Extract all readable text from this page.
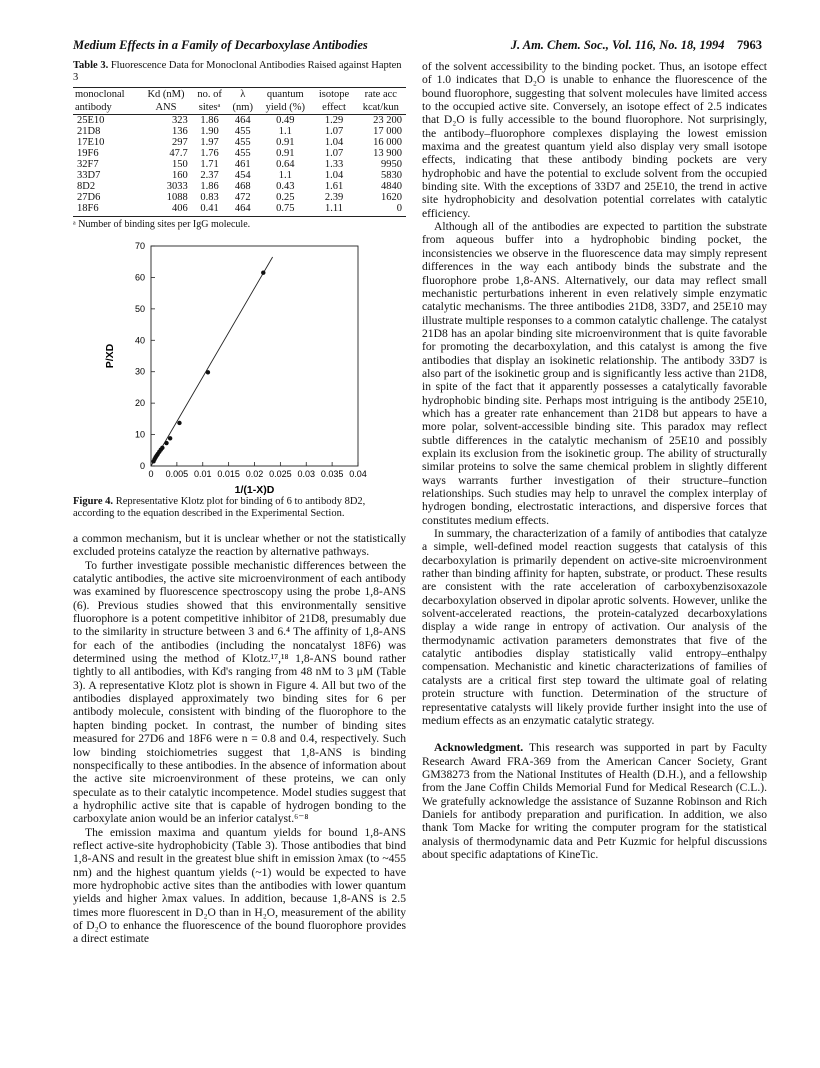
Medium Effects in a Family of Decarboxylase Antibodies	J. Am. Chem. Soc., Vol. 116, No. 18, 1994 7963
Table 3. Fluorescence Data for Monoclonal Antibodies Raised against Hapten 3
monoclonal	Kd (nM)	no. of	λ	quantum	isotope	rate acc
antibody	ANS	sitesᵃ	(nm)	yield (%)	effect	kcat/kun
25E10	323	1.86	464	0.49	1.29	23 200
21D8	136	1.90	455	1.1	1.07	17 000
17E10	297	1.97	455	0.91	1.04	16 000
19F6	47.7	1.76	455	0.91	1.07	13 900
32F7	150	1.71	461	0.64	1.33	9950
33D7	160	2.37	454	1.1	1.04	5830
8D2	3033	1.86	468	0.43	1.61	4840
27D6	1088	0.83	472	0.25	2.39	1620
18F6	406	0.41	464	0.75	1.11	0
ᵃ Number of binding sites per IgG molecule.
0 0.005 0.01 0.015 0.02 0.025 0.03 0.035 0.04
0
10
20
30
40
50
60
70
1/(1-X)D
P/XD
Figure 4. Representative Klotz plot for binding of 6 to antibody 8D2, according to the equation described in the Experimental Section.

a common mechanism, but it is unclear whether or not the statistically excluded proteins catalyze the reaction by alternative pathways.

To further investigate possible mechanistic differences between the catalytic antibodies, the active site microenvironment of each antibody was examined by fluorescence spectroscopy using the probe 1,8-ANS (6). Previous studies showed that this environmentally sensitive fluorophore is a potent competitive inhibitor of 21D8, presumably due to the similarity in structure between 3 and 6.⁴ The affinity of 1,8-ANS for each of the antibodies (including the noncatalyst 18F6) was determined using the method of Klotz.¹⁷,¹⁸ 1,8-ANS bound rather tightly to all antibodies, with Kd's ranging from 48 nM to 3 μM (Table 3). A representative Klotz plot is shown in Figure 4. All but two of the antibodies displayed approximately two binding sites for 6 per antibody molecule, consistent with binding of the fluorophore to the hapten binding pocket. In contrast, the number of binding sites measured for 27D6 and 18F6 were n = 0.8 and 0.4, respectively. Such low binding stoichiometries suggest that 1,8-ANS is binding nonspecifically to these antibodies. In the absence of information about the active site microenvironment of these proteins, we can only speculate as to their catalytic incompetence. Model studies suggest that a hydrophilic active site that is capable of hydrogen bonding to the carboxylate anion would be an inferior catalyst.⁶⁻⁸

The emission maxima and quantum yields for bound 1,8-ANS reflect active-site hydrophobicity (Table 3). Those antibodies that bind 1,8-ANS and result in the greatest blue shift in emission λmax (to ~455 nm) and the highest quantum yields (~1) would be expected to have more hydrophobic active sites than the antibodies with lower quantum yields and higher λmax values. In addition, because 1,8-ANS is 2.5 times more fluorescent in D₂O than in H₂O, measurement of the ability of D₂O to enhance the fluorescence of the bound fluorophore provides a direct estimate

of the solvent accessibility to the binding pocket. Thus, an isotope effect of 1.0 indicates that D₂O is unable to enhance the fluorescence of the bound fluorophore, suggesting that solvent molecules have limited access to the occupied active site. Conversely, an isotope effect of 2.5 indicates that D₂O is fully accessible to the bound fluorophore. Not surprisingly, the antibody–fluorophore complexes displaying the lowest emission maxima and the greatest quantum yield also display very small isotope effects, indicating that these antibody binding pockets are very hydrophobic and have the potential to exclude solvent from the occupied binding site. With the exceptions of 33D7 and 25E10, the trend in active site hydrophobicity and desolvation potential correlates with catalytic efficiency.

Although all of the antibodies are expected to partition the substrate from aqueous buffer into a hydrophobic binding pocket, the inconsistencies we observe in the fluorescence data may simply represent differences in the way each antibody binds the substrate and the fluorophore probe 1,8-ANS. Alternatively, our data may reflect small mechanistic perturbations inherent in even relatively simple enzymatic catalytic mechanisms. The three antibodies 21D8, 33D7, and 25E10 may illustrate multiple responses to a common catalytic challenge. The catalyst 21D8 has an apolar binding site microenvironment that is quite favorable for promoting the decarboxylation, and this catalyst is among the five antibodies that display an isokinetic relationship. The antibody 33D7 is also part of the isokinetic group and is significantly less active than 21D8, in spite of the fact that it apparently possesses a catalytically favorable hydrophobic binding site. Perhaps most intriguing is the antibody 25E10, which has a greater rate enhancement than 21D8 but appears to have a more polar, solvent-accessible binding site. This paradox may reflect subtle differences in the catalytic mechanism of 25E10 and possibly explain its exclusion from the isokinetic group. The ability of structurally similar proteins to solve the same chemical problem in slightly different ways warrants further investigation of their structure–function relationships. Such studies may help to unravel the complex interplay of hydrogen bonding, electrostatic interactions, and dispersive forces that constitutes medium effects.

In summary, the characterization of a family of antibodies that catalyze a simple, well-defined model reaction suggests that catalysis of this decarboxylation is primarily dependent on active-site microenvironment rather than binding affinity for hapten, substrate, or product. These results are consistent with the rate acceleration of carboxybenzisoxazole decarboxylation observed in dipolar aprotic solvents. However, unlike the solvent-accelerated reactions, the protein-catalyzed decarboxylations display a wide range in entropy of activation. Our analysis of the thermodynamic activation parameters demonstrates that five of the catalytic antibodies display statistically valid entropy–enthalpy compensation. Mechanistic and kinetic characterizations of families of catalysts are a critical first step toward the ultimate goal of relating protein structure with function. Determination of the structure of representative catalysts will likely provide further insight into the use of medium effects as an enzymatic catalytic strategy.

Acknowledgment. This research was supported in part by Faculty Research Award FRA-369 from the American Cancer Society, Grant GM38273 from the National Institutes of Health (D.H.), and a fellowship from the Jane Coffin Childs Memorial Fund for Medical Research (C.L.). We gratefully acknowledge the assistance of Suzanne Robinson and Rich Daniels for antibody preparation and purification. In addition, we also thank Tom Macke for writing the computer program for the statistical analysis of thermodynamic data and Petr Kuzmic for helpful discussions about specific adaptations of KineTic.
